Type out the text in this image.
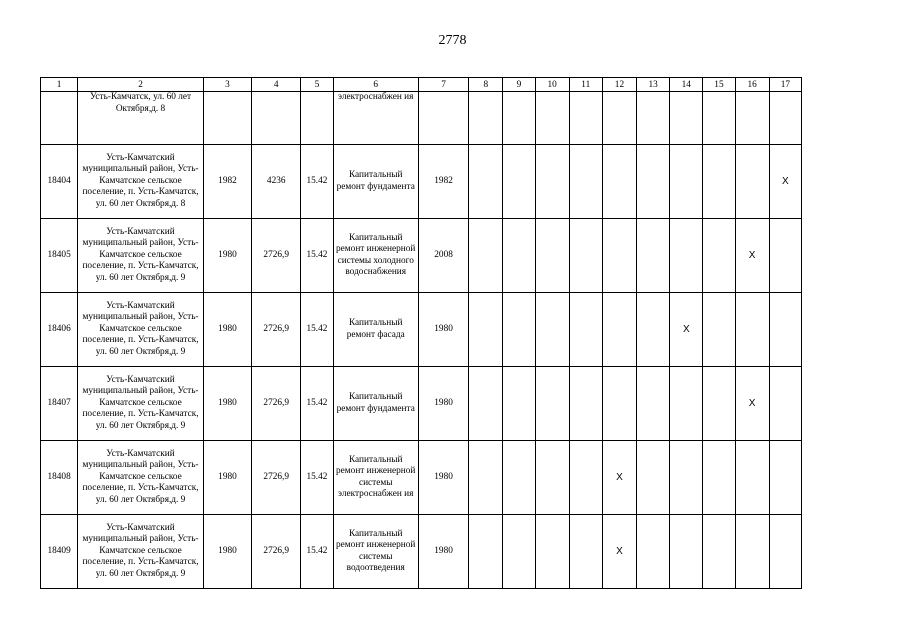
2778
1	2	3	4	5	6	7	8	9	10	11	12	13	14	15	16	17
	Усть-Камчатск, ул. 60 лет Октября,д. 8				электроснабжен ия											
18404	Усть-Камчатский муниципальный район, Усть-Камчатское сельское поселение, п. Усть-Камчатск, ул. 60 лет Октября,д. 8	1982	4236	15.42	Капитальный ремонт фундамента	1982										X
18405	Усть-Камчатский муниципальный район, Усть-Камчатское сельское поселение, п. Усть-Камчатск, ул. 60 лет Октября,д. 9	1980	2726,9	15.42	Капитальный ремонт инженерной системы холодного водоснабжения	2008									X	
18406	Усть-Камчатский муниципальный район, Усть-Камчатское сельское поселение, п. Усть-Камчатск, ул. 60 лет Октября,д. 9	1980	2726,9	15.42	Капитальный ремонт фасада	1980							X			
18407	Усть-Камчатский муниципальный район, Усть-Камчатское сельское поселение, п. Усть-Камчатск, ул. 60 лет Октября,д. 9	1980	2726,9	15.42	Капитальный ремонт фундамента	1980									X	
18408	Усть-Камчатский муниципальный район, Усть-Камчатское сельское поселение, п. Усть-Камчатск, ул. 60 лет Октября,д. 9	1980	2726,9	15.42	Капитальный ремонт инженерной системы электроснабжен ия	1980					X					
18409	Усть-Камчатский муниципальный район, Усть-Камчатское сельское поселение, п. Усть-Камчатск, ул. 60 лет Октября,д. 9	1980	2726,9	15.42	Капитальный ремонт инженерной системы водоотведения	1980					X					
